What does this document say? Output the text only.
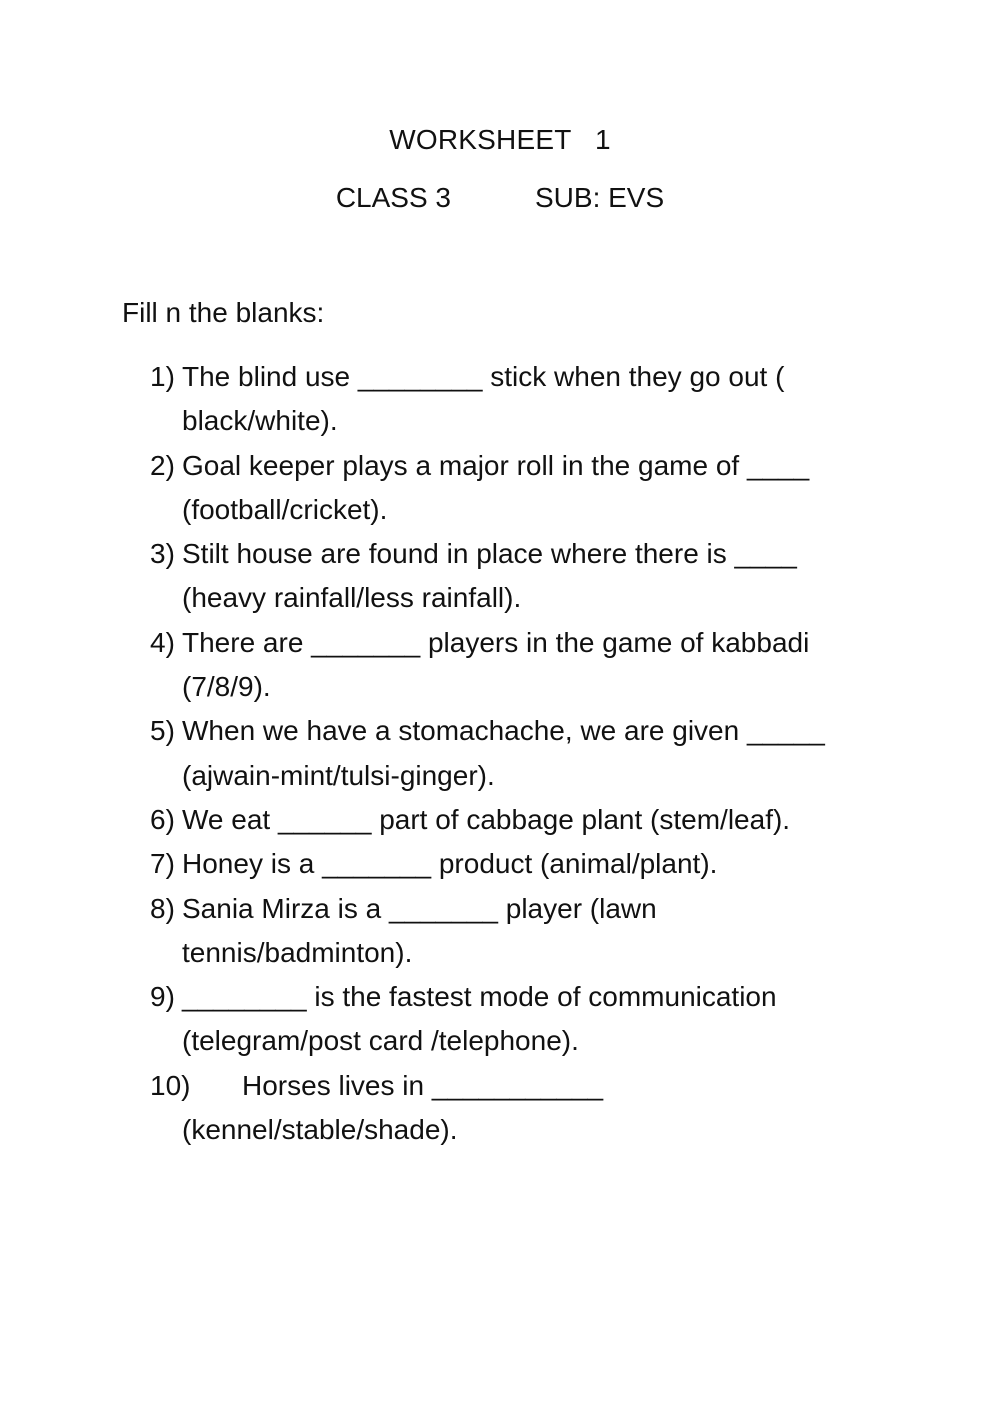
WORKSHEET   1
CLASS 3	SUB: EVS
Fill n the blanks:
1) The blind use ________ stick when they go out (
black/white).
2) Goal keeper plays a major roll in the game of ____
(football/cricket).
3) Stilt house are found in place where there is ____
(heavy rainfall/less rainfall).
4) There are _______ players in the game of kabbadi
(7/8/9).
5) When we have a stomachache, we are given _____
(ajwain-mint/tulsi-ginger).
6) We eat ______ part of cabbage plant (stem/leaf).
7) Honey is a _______ product (animal/plant).
8) Sania Mirza is a _______ player (lawn
tennis/badminton).
9) ________ is the fastest mode of communication
(telegram/post card /telephone).
10)	Horses lives in ___________
(kennel/stable/shade).
